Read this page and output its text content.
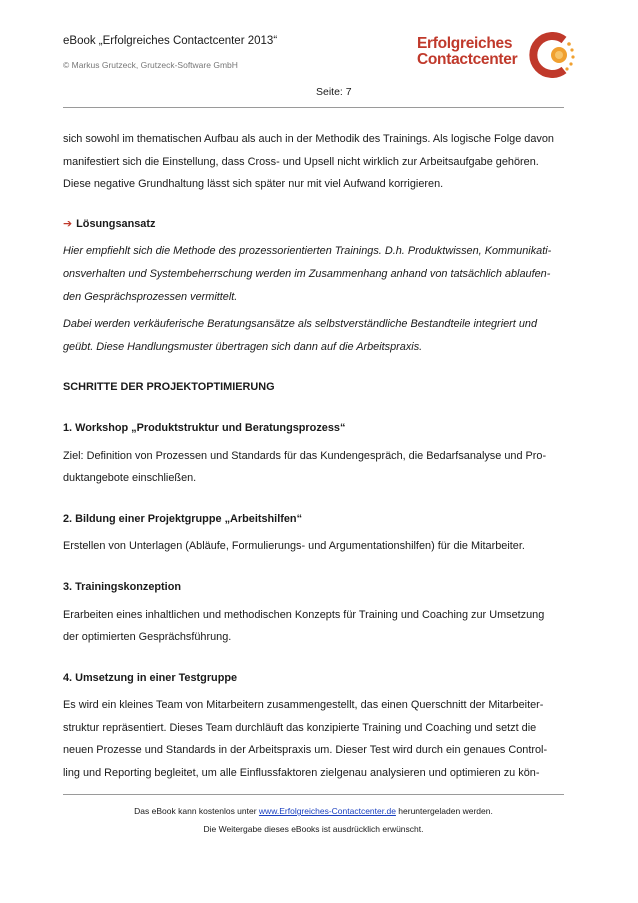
eBook „Erfolgreiches Contactcenter 2013“
© Markus Grutzeck, Grutzeck-Software GmbH
Erfolgreiches
Contactcenter
Seite: 7

sich sowohl im thematischen Aufbau als auch in der Methodik des Trainings. Als logische Folge davon
manifestiert sich die Einstellung, dass Cross- und Upsell nicht wirklich zur Arbeitsaufgabe gehören.
Diese negative Grundhaltung lässt sich später nur mit viel Aufwand korrigieren.

➔ Lösungsansatz

Hier empfiehlt sich die Methode des prozessorientierten Trainings. D.h. Produktwissen, Kommunikati-
onsverhalten und Systembeherrschung werden im Zusammenhang anhand von tatsächlich ablaufen-
den Gesprächsprozessen vermittelt.

Dabei werden verkäuferische Beratungsansätze als selbstverständliche Bestandteile integriert und
geübt. Diese Handlungsmuster übertragen sich dann auf die Arbeitspraxis.

SCHRITTE DER PROJEKTOPTIMIERUNG

1. Workshop „Produktstruktur und Beratungsprozess“

Ziel: Definition von Prozessen und Standards für das Kundengespräch, die Bedarfsanalyse und Pro-
duktangebote einschließen.

2. Bildung einer Projektgruppe „Arbeitshilfen“

Erstellen von Unterlagen (Abläufe, Formulierungs- und Argumentationshilfen) für die Mitarbeiter.

3. Trainingskonzeption

Erarbeiten eines inhaltlichen und methodischen Konzepts für Training und Coaching zur Umsetzung
der optimierten Gesprächsführung.

4. Umsetzung in einer Testgruppe

Es wird ein kleines Team von Mitarbeitern zusammengestellt, das einen Querschnitt der Mitarbeiter-
struktur repräsentiert. Dieses Team durchläuft das konzipierte Training und Coaching und setzt die
neuen Prozesse und Standards in der Arbeitspraxis um. Dieser Test wird durch ein genaues Control-
ling und Reporting begleitet, um alle Einflussfaktoren zielgenau analysieren und optimieren zu kön-

Das eBook kann kostenlos unter www.Erfolgreiches-Contactcenter.de heruntergeladen werden.
Die Weitergabe dieses eBooks ist ausdrücklich erwünscht.
